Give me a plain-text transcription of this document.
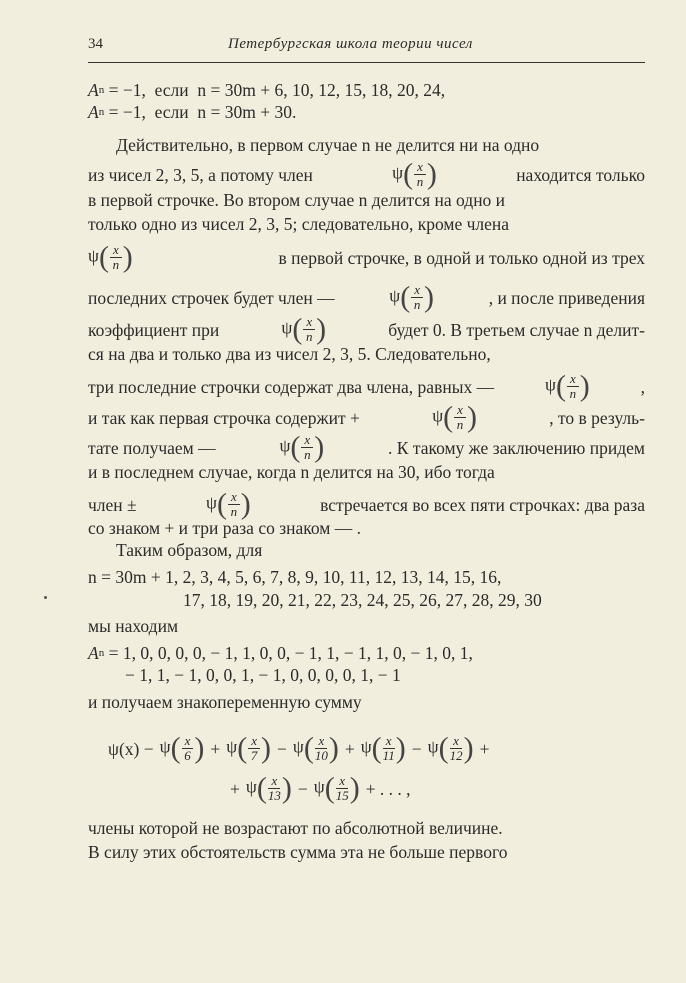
34	Петербургская школа теории чисел
A n = −1,  если  n = 30m + 6, 10, 12, 15, 18, 20, 24,
A n = −1,  если  n = 30m + 30.
Действительно, в первом случае n не делится ни на одно
из чисел 2, 3, 5, а потому член	$\psi( \frac{x}{n}$ )	находится только
в первой строчке. Во втором случае n делится на одно и
только одно из чисел 2, 3, 5; следовательно, кроме члена
$\psi( \frac{x}{n}$ )	в первой строчке, в одной и только одной из трех
последних строчек будет член —	$\psi( \frac{x}{n}$ )	, и после приведения
коэффициент при	$\psi( \frac{x}{n}$ )	будет 0. В третьем случае n делит-
ся на два и только два из чисел 2, 3, 5. Следовательно,
три последние строчки содержат два члена, равных —	$\psi( \frac{x}{n}$ )	,
и так как первая строчка содержит +	$\psi( \frac{x}{n}$ )	, то в резуль-
тате получаем —	$\psi( \frac{x}{n}$ )	. К такому же заключению придем
и в последнем случае, когда n делится на 30, ибо тогда
член ±	$\psi( \frac{x}{n}$ )	встречается во всех пяти строчках: два раза
со знаком + и три раза со знаком — .
Таким образом, для
n = 30m + 1, 2, 3, 4, 5, 6, 7, 8, 9, 10, 11, 12, 13, 14, 15, 16,
17, 18, 19, 20, 21, 22, 23, 24, 25, 26, 27, 28, 29, 30
мы находим
A n = 1, 0, 0, 0, 0, − 1, 1, 0, 0, − 1, 1, − 1, 1, 0, − 1, 0, 1,
− 1, 1, − 1, 0, 0, 1, − 1, 0, 0, 0, 0, 1, − 1
и получаем знакопеременную сумму
$\psi(x) - \psi( \frac{x}{6}$ ) + $\psi( \frac{x}{7}$ ) − $\psi( \frac{x}{10}$ ) + $\psi( \frac{x}{11}$ ) − $\psi( \frac{x}{12}$ ) +
+ $\psi( \frac{x}{13}$ ) − $\psi( \frac{x}{15}$ ) + . . . ,
члены которой не возрастают по абсолютной величине.
В силу этих обстоятельств сумма эта не больше первого
